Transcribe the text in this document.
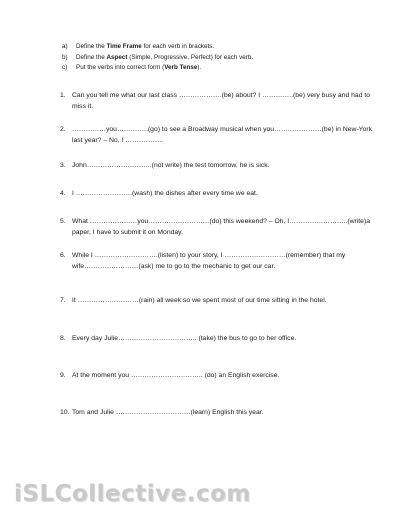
a)	Define the Time Frame for each verb in brackets.
b)	Define the Aspect (Simple, Progressive, Perfect) for each verb.
c)	Put the verbs into correct form (Verb Tense).
1. Can you tell me what our last class ……………….(be) about? I …………..(be) very busy and had to miss it.
2. ……………you…………..(go) to see a Broadway musical when you…………………(be) in New-York last year? – No, I ……………..
3. John………………………..(not write) the test tomorrow, he is sick.
4. I …………………….(wash) the dishes after every time we eat.
5. What …………………you………………………(do) this weekend? – Oh, I……………………..(write)a paper, I have to submit it on Monday.
6. While I ……………………….(listen) to your story, I ………………………(remember) that my wife……………………(ask) me to go to the mechanic to get our car.
7. It ………………………(rain) all week so we spent most of our time sitting in the hotel.
8. Every day Julie…………………………….. (take) the bus to go to her office.
9. At the moment you ………………………….. (do) an English exercise.
10. Tom and Julie ……………………………(learn) English this year.
iSLCollective.com
